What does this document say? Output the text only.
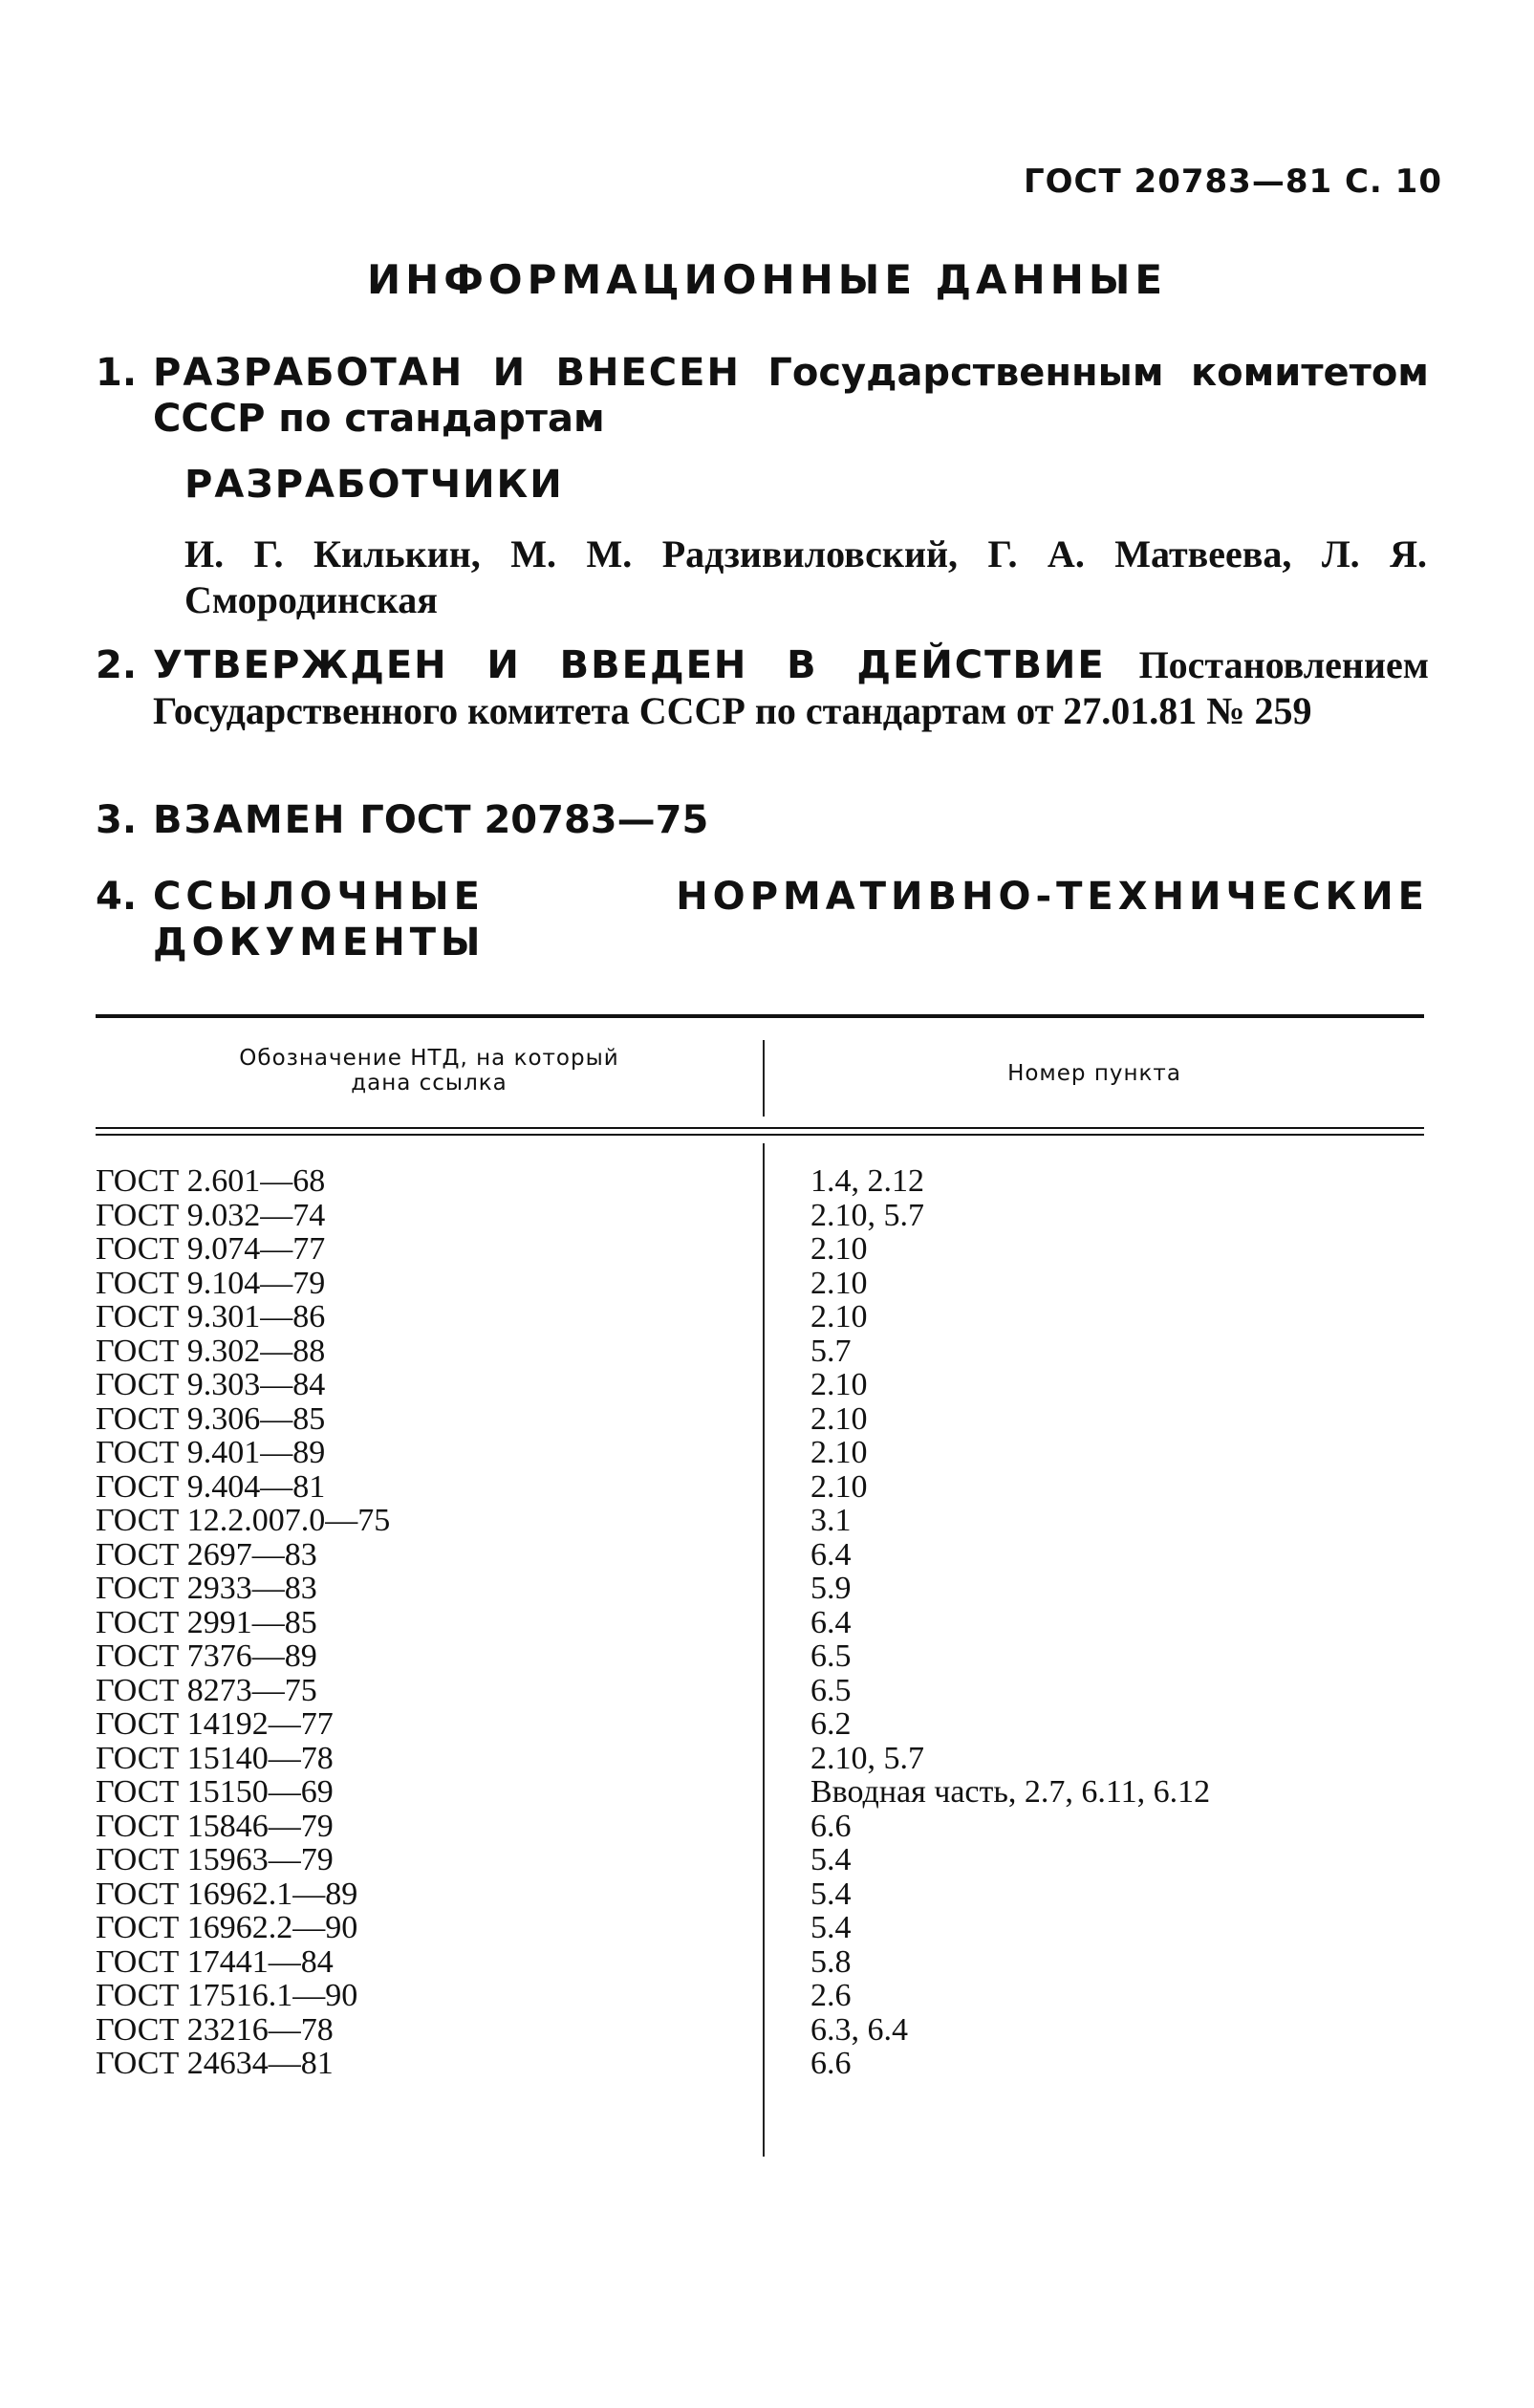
ГОСТ 20783—81 С. 10
ИНФОРМАЦИОННЫЕ ДАННЫЕ
1. РАЗРАБОТАН И ВНЕСЕН Государственным комитетом СССР по стандартам
РАЗРАБОТЧИКИ
И. Г. Килькин, М. М. Радзивиловский, Г. А. Матвеева, Л. Я. Смородинская
2. УТВЕРЖДЕН И ВВЕДЕН В ДЕЙСТВИЕ Постановлением Государственного комитета СССР по стандартам от 27.01.81 № 259
3. ВЗАМЕН ГОСТ 20783—75
4. ССЫЛОЧНЫЕ НОРМАТИВНО-ТЕХНИЧЕСКИЕ ДОКУМЕНТЫ
Обозначение НТД, на который дана ссылка	Номер пункта
ГОСТ 2.601—68	1.4, 2.12
ГОСТ 9.032—74	2.10, 5.7
ГОСТ 9.074—77	2.10
ГОСТ 9.104—79	2.10
ГОСТ 9.301—86	2.10
ГОСТ 9.302—88	5.7
ГОСТ 9.303—84	2.10
ГОСТ 9.306—85	2.10
ГОСТ 9.401—89	2.10
ГОСТ 9.404—81	2.10
ГОСТ 12.2.007.0—75	3.1
ГОСТ 2697—83	6.4
ГОСТ 2933—83	5.9
ГОСТ 2991—85	6.4
ГОСТ 7376—89	6.5
ГОСТ 8273—75	6.5
ГОСТ 14192—77	6.2
ГОСТ 15140—78	2.10, 5.7
ГОСТ 15150—69	Вводная часть, 2.7, 6.11, 6.12
ГОСТ 15846—79	6.6
ГОСТ 15963—79	5.4
ГОСТ 16962.1—89	5.4
ГОСТ 16962.2—90	5.4
ГОСТ 17441—84	5.8
ГОСТ 17516.1—90	2.6
ГОСТ 23216—78	6.3, 6.4
ГОСТ 24634—81	6.6
